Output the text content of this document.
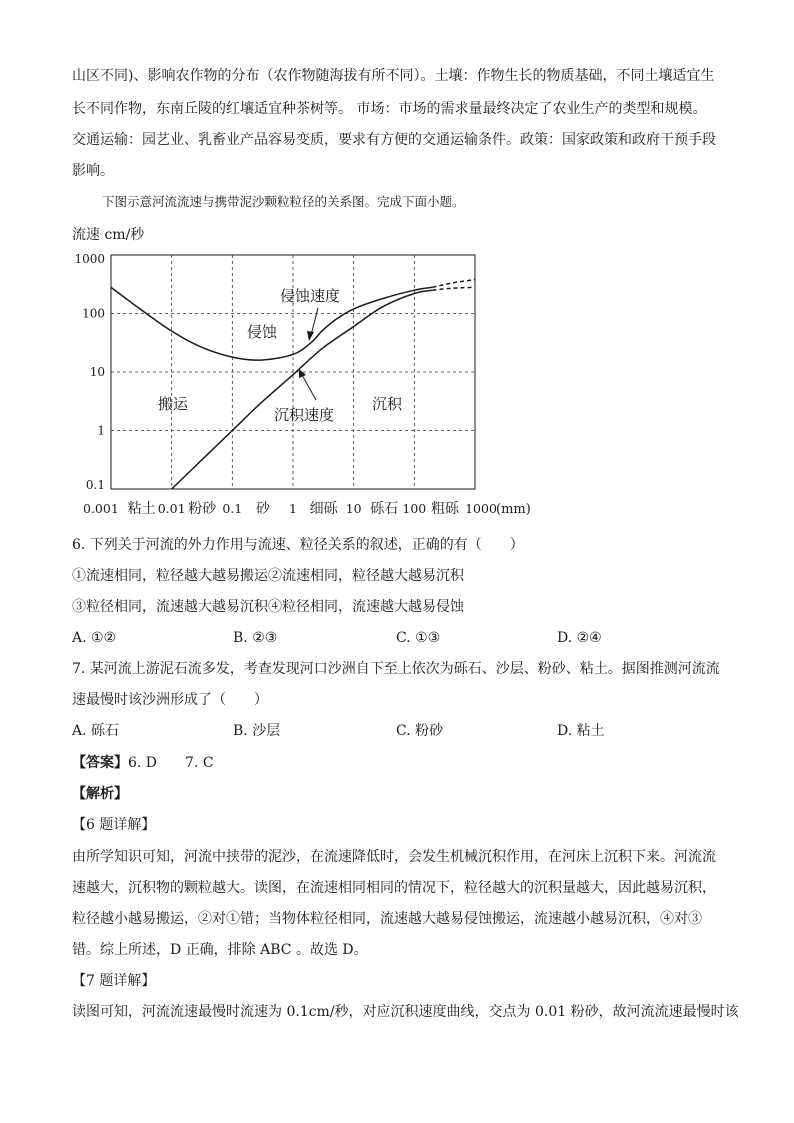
山区不同)、影响农作物的分布（农作物随海拔有所不同）。土壤：作物生长的物质基础，不同土壤适宜生
长不同作物，东南丘陵的红壤适宜种茶树等。 市场：市场的需求量最终决定了农业生产的类型和规模。
交通运输：园艺业、乳畜业产品容易变质，要求有方便的交通运输条件。政策：国家政策和政府干预手段
影响。
下图示意河流流速与携带泥沙颗粒粒径的关系图。完成下面小题。
流速 cm/秒
1000
100
10
1
0.1
0.001	0.01	0.1	1	10	100	1000
粘土 粉砂	砂	细砾 砾石 粗砾	(mm)
侵蚀速度
侵蚀
搬运
沉积速度
沉积
6. 下列关于河流的外力作用与流速、粒径关系的叙述，正确的有（　　）
①流速相同，粒径越大越易搬运②流速相同，粒径越大越易沉积
③粒径相同，流速越大越易沉积④粒径相同，流速越大越易侵蚀
A. ①②	B. ②③	C. ①③	D. ②④
7. 某河流上游泥石流多发，考查发现河口沙洲自下至上依次为砾石、沙层、粉砂、粘土。据图推测河流流
速最慢时该沙洲形成了（　　）
A. 砾石	B. 沙层	C. 粉砂	D. 粘土
【答案】6. D　　7. C
【解析】
【6 题详解】
由所学知识可知，河流中挟带的泥沙，在流速降低时，会发生机械沉积作用，在河床上沉积下来。河流流
速越大，沉积物的颗粒越大。读图，在流速相同相同的情况下，粒径越大的沉积量越大，因此越易沉积，
粒径越小越易搬运，②对①错；当物体粒径相同，流速越大越易侵蚀搬运，流速越小越易沉积，④对③
错。综上所述，D 正确，排除 ABC 。故选 D。
【7 题详解】
读图可知，河流流速最慢时流速为 0.1cm/秒，对应沉积速度曲线，交点为 0.01 粉砂，故河流流速最慢时该
